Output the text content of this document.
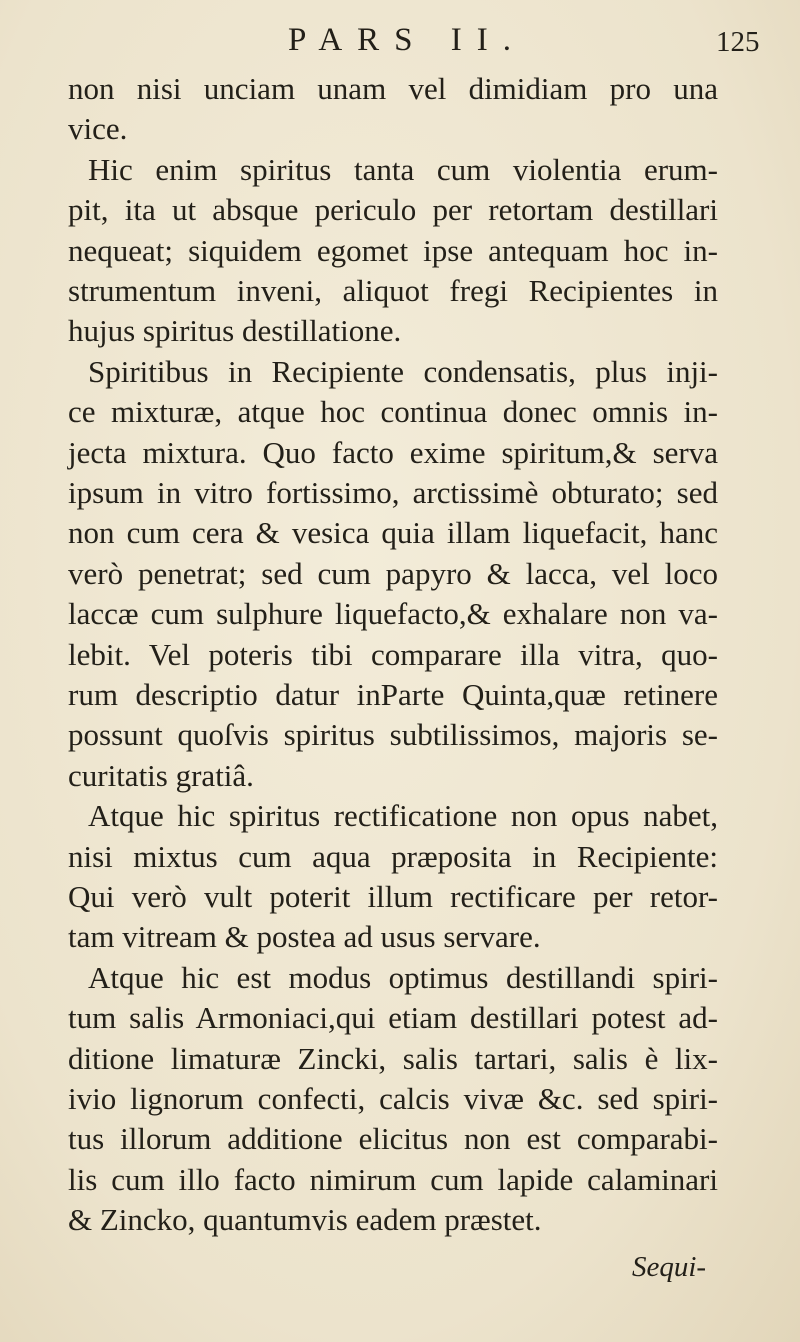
PARS II.	125
non nisi unciam unam vel dimidiam pro una
vice.
Hic enim spiritus tanta cum violentia erum-
pit, ita ut absque periculo per retortam destillari
nequeat; siquidem egomet ipse antequam hoc in-
strumentum inveni, aliquot fregi Recipientes in
hujus spiritus destillatione.
Spiritibus in Recipiente condensatis, plus inji-
ce mixturæ, atque hoc continua donec omnis in-
jecta mixtura. Quo facto exime spiritum,& serva
ipsum in vitro fortissimo, arctissimè obturato; sed
non cum cera & vesica quia illam liquefacit, hanc
verò penetrat; sed cum papyro & lacca, vel loco
laccæ cum sulphure liquefacto,& exhalare non va-
lebit. Vel poteris tibi comparare illa vitra, quo-
rum descriptio datur inParte Quinta,quæ retinere
possunt quoſvis spiritus subtilissimos, majoris se-
curitatis gratiâ.
Atque hic spiritus rectificatione non opus nabet,
nisi mixtus cum aqua præposita in Recipiente:
Qui verò vult poterit illum rectificare per retor-
tam vitream & postea ad usus servare.
Atque hic est modus optimus destillandi spiri-
tum salis Armoniaci,qui etiam destillari potest ad-
ditione limaturæ Zincki, salis tartari, salis è lix-
ivio lignorum confecti, calcis vivæ &c. sed spiri-
tus illorum additione elicitus non est comparabi-
lis cum illo facto nimirum cum lapide calaminari
& Zincko, quantumvis eadem præstet.
Sequi-
